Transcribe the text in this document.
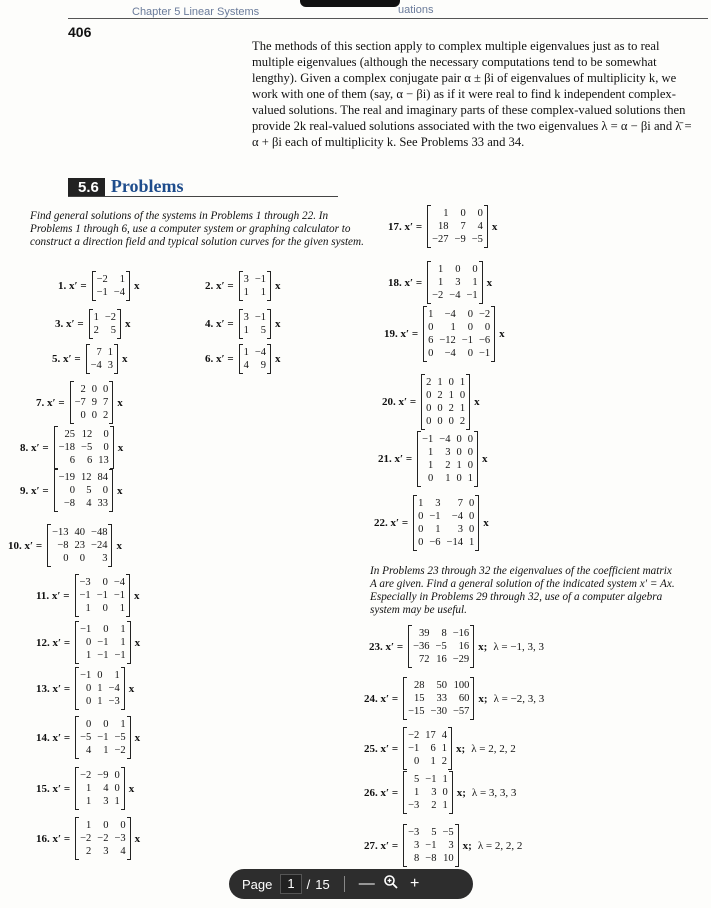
Chapter 5 Linear Systems	uations
406

The methods of this section apply to complex multiple eigenvalues just as to real multiple eigenvalues (although the necessary computations tend to be somewhat lengthy). Given a complex conjugate pair α ± βi of eigenvalues of multiplicity k, we work with one of them (say, α − βi) as if it were real to find k independent complex-valued solutions. The real and imaginary parts of these complex-valued solutions then provide 2k real-valued solutions associated with the two eigenvalues λ = α − βi and λ̄ = α + βi each of multiplicity k. See Problems 33 and 34.

5.6 Problems
Find general solutions of the systems in Problems 1 through 22. In Problems 1 through 6, use a computer system or graphing calculator to construct a direction field and typical solution curves for the given system.
In Problems 23 through 32 the eigenvalues of the coefficient matrix A are given. Find a general solution of the indicated system x′ = Ax. Especially in Problems 29 through 32, use of a computer algebra system may be useful.
1. x′ =
−2 1
−1 −4
x	2. x′ =
3 −1
1 1
x
3. x′ =
1 −2
2 5
x	4. x′ =
3 −1
1 5
x
5. x′ =
7 1
−4 3
x	6. x′ =
1 −4
4 9
x
7. x′ =
2 0 0
−7 9 7
0 0 2
x
8. x′ =
25 12 0
−18 −5 0
6 6 13
x
9. x′ =
−19 12 84
0 5 0
−8 4 33
x
10. x′ =
−13 40 −48
−8 23 −24
0 0 3
x
11. x′ =
−3 0 −4
−1 −1 −1
1 0 1
x
12. x′ =
−1 0 1
0 −1 1
1 −1 −1
x
13. x′ =
−1 0 1
0 1 −4
0 1 −3
x
14. x′ =
0 0 1
−5 −1 −5
4 1 −2
x
15. x′ =
−2 −9 0
1 4 0
1 3 1
x
16. x′ =
1 0 0
−2 −2 −3
2 3 4
x
17. x′ =
1 0 0
18 7 4
−27 −9 −5
x
18. x′ =
1 0 0
1 3 1
−2 −4 −1
x
19. x′ =
1 −4 0 −2
0 1 0 0
6 −12 −1 −6
0 −4 0 −1
x
20. x′ =
2 1 0 1
0 2 1 0
0 0 2 1
0 0 0 2
x
21. x′ =
−1 −4 0 0
1 3 0 0
1 2 1 0
0 1 0 1
x
22. x′ =
1 3 7 0
0 −1 −4 0
0 1 3 0
0 −6 −14 1
x
23. x′ =
39 8 −16
−36 −5 16
72 16 −29
x; λ = −1, 3, 3
24. x′ =
28 50 100
15 33 60
−15 −30 −57
x; λ = −2, 3, 3
25. x′ =
−2 17 4
−1 6 1
0 1 2
x; λ = 2, 2, 2
26. x′ =
5 −1 1
1 3 0
−3 2 1
x; λ = 3, 3, 3
27. x′ =
−3 5 −5
3 −1 3
8 −8 10
x; λ = 2, 2, 2
Page	1 / 15 —	+
